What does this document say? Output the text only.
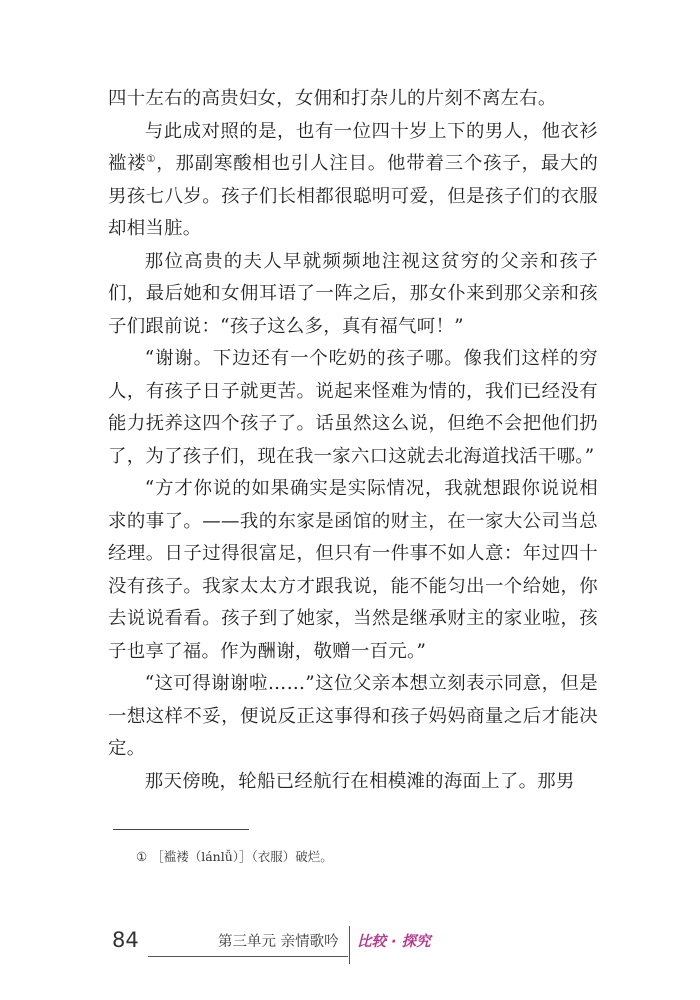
四十左右的高贵妇女，女佣和打杂儿的片刻不离左右。

与此成对照的是，也有一位四十岁上下的男人，他衣衫褴褛①，那副寒酸相也引人注目。他带着三个孩子，最大的男孩七八岁。孩子们长相都很聪明可爱，但是孩子们的衣服却相当脏。

那位高贵的夫人早就频频地注视这贫穷的父亲和孩子们，最后她和女佣耳语了一阵之后，那女仆来到那父亲和孩子们跟前说：“孩子这么多，真有福气呵！”

“谢谢。下边还有一个吃奶的孩子哪。像我们这样的穷人，有孩子日子就更苦。说起来怪难为情的，我们已经没有能力抚养这四个孩子了。话虽然这么说，但绝不会把他们扔了，为了孩子们，现在我一家六口这就去北海道找活干哪。”

“方才你说的如果确实是实际情况，我就想跟你说说相求的事了。——我的东家是函馆的财主，在一家大公司当总经理。日子过得很富足，但只有一件事不如人意：年过四十没有孩子。我家太太方才跟我说，能不能匀出一个给她，你去说说看看。孩子到了她家，当然是继承财主的家业啦，孩子也享了福。作为酬谢，敬赠一百元。”

“这可得谢谢啦……”这位父亲本想立刻表示同意，但是一想这样不妥，便说反正这事得和孩子妈妈商量之后才能决定。

那天傍晚，轮船已经航行在相模滩的海面上了。那男

① ［褴褛（lánlǚ）］（衣服）破烂。
84	第三单元 亲情歌吟 比较 · 探究
